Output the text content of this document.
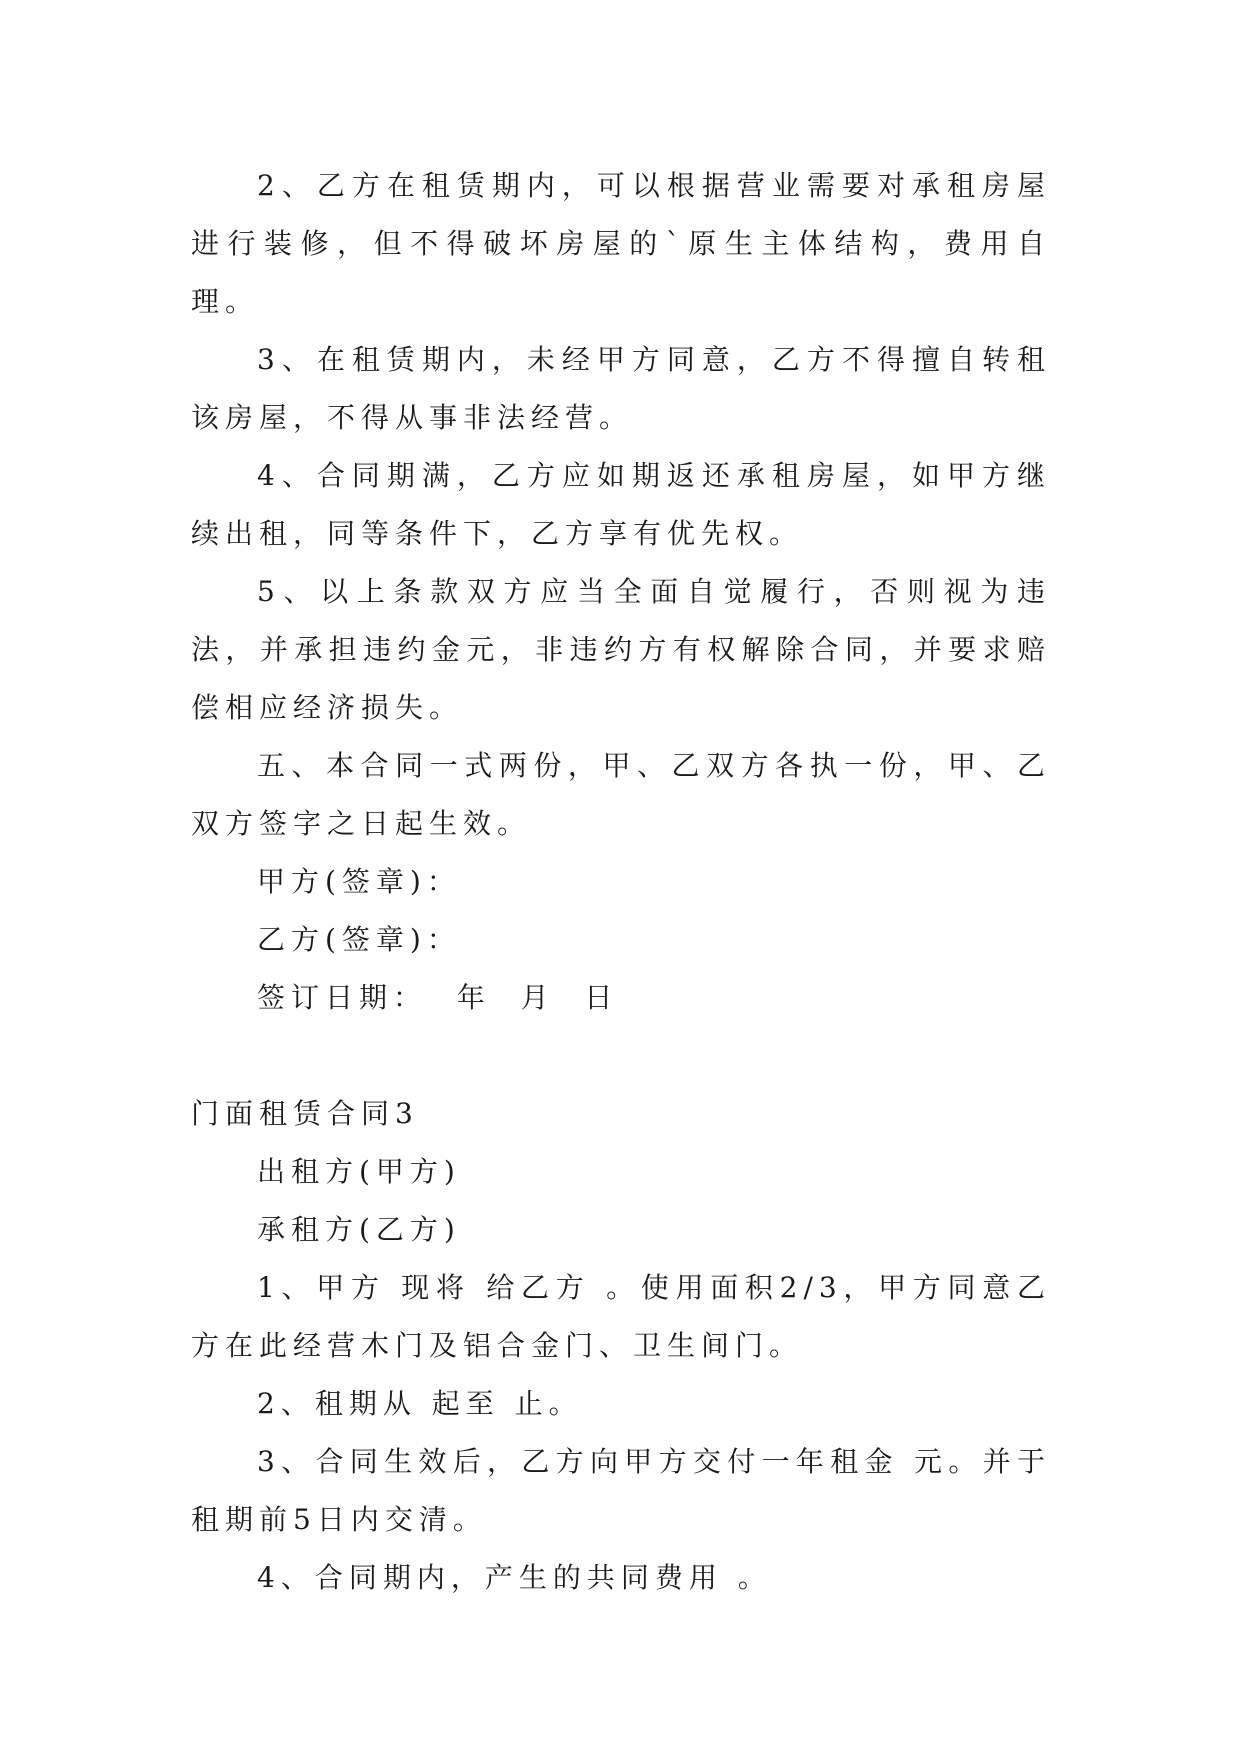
2、乙方在租赁期内，可以根据营业需要对承租房屋进行装修，但不得破坏房屋的`原生主体结构，费用自理。

3、在租赁期内，未经甲方同意，乙方不得擅自转租该房屋，不得从事非法经营。

4、合同期满，乙方应如期返还承租房屋，如甲方继续出租，同等条件下，乙方享有优先权。

5、以上条款双方应当全面自觉履行，否则视为违法，并承担违约金元，非违约方有权解除合同，并要求赔偿相应经济损失。

五、本合同一式两份，甲、乙双方各执一份，甲、乙双方签字之日起生效。

甲方(签章)：

乙方(签章)：

签订日期：  年  月  日

门面租赁合同3

出租方(甲方)

承租方(乙方)

1、甲方 现将 给乙方 。使用面积2/3，甲方同意乙方在此经营木门及铝合金门、卫生间门。

2、租期从 起至 止。

3、合同生效后，乙方向甲方交付一年租金 元。并于租期前5日内交清。

4、合同期内，产生的共同费用 。
